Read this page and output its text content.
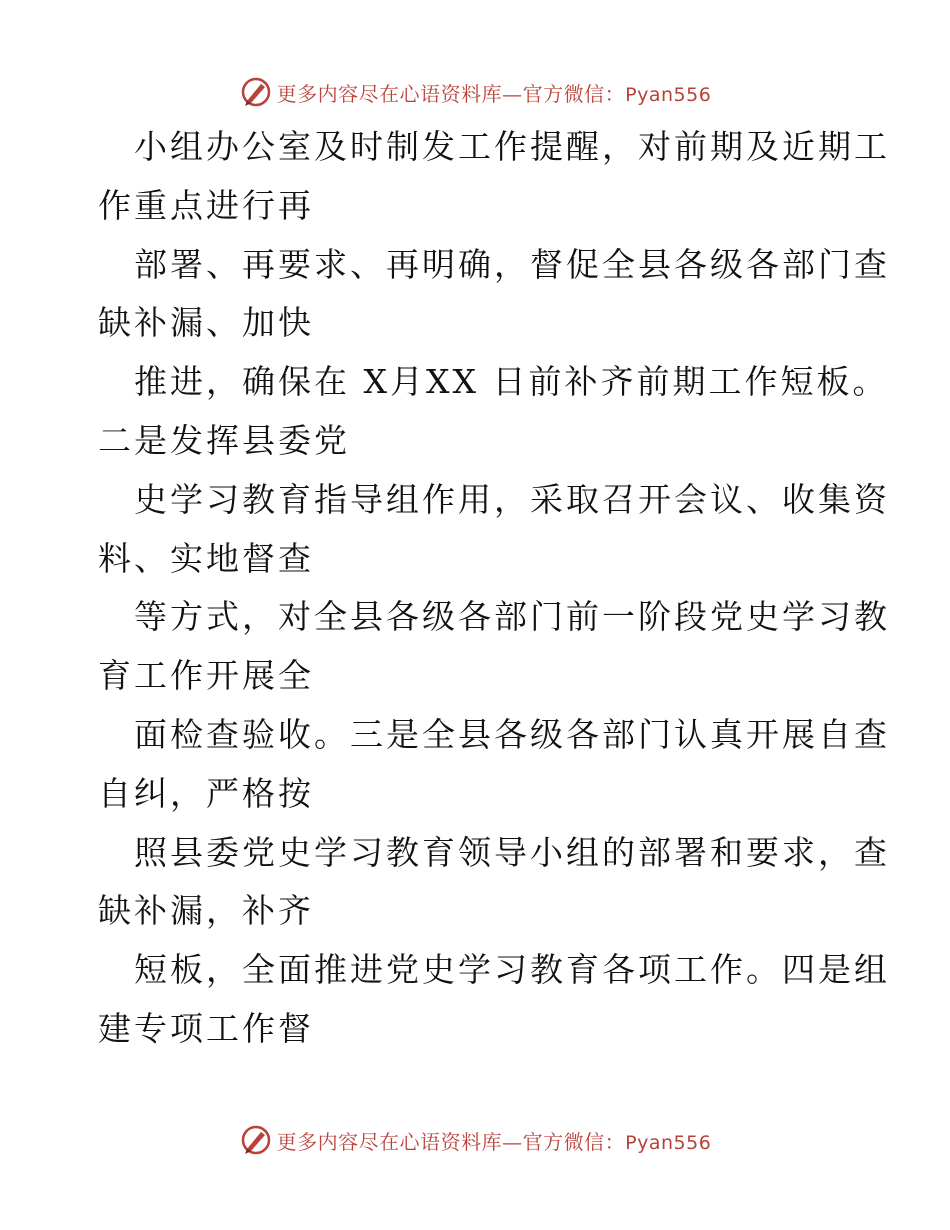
更多内容尽在心语资料库—官方微信：Pyan556
小组办公室及时制发工作提醒，对前期及近期工
作重点进行再
部署、再要求、再明确，督促全县各级各部门查
缺补漏、加快
推进，确保在 X月XX 日前补齐前期工作短板。
二是发挥县委党
史学习教育指导组作用，采取召开会议、收集资
料、实地督查
等方式，对全县各级各部门前一阶段党史学习教
育工作开展全
面检查验收。三是全县各级各部门认真开展自查
自纠，严格按
照县委党史学习教育领导小组的部署和要求，查
缺补漏，补齐
短板，全面推进党史学习教育各项工作。四是组
建专项工作督
更多内容尽在心语资料库—官方微信：Pyan556
